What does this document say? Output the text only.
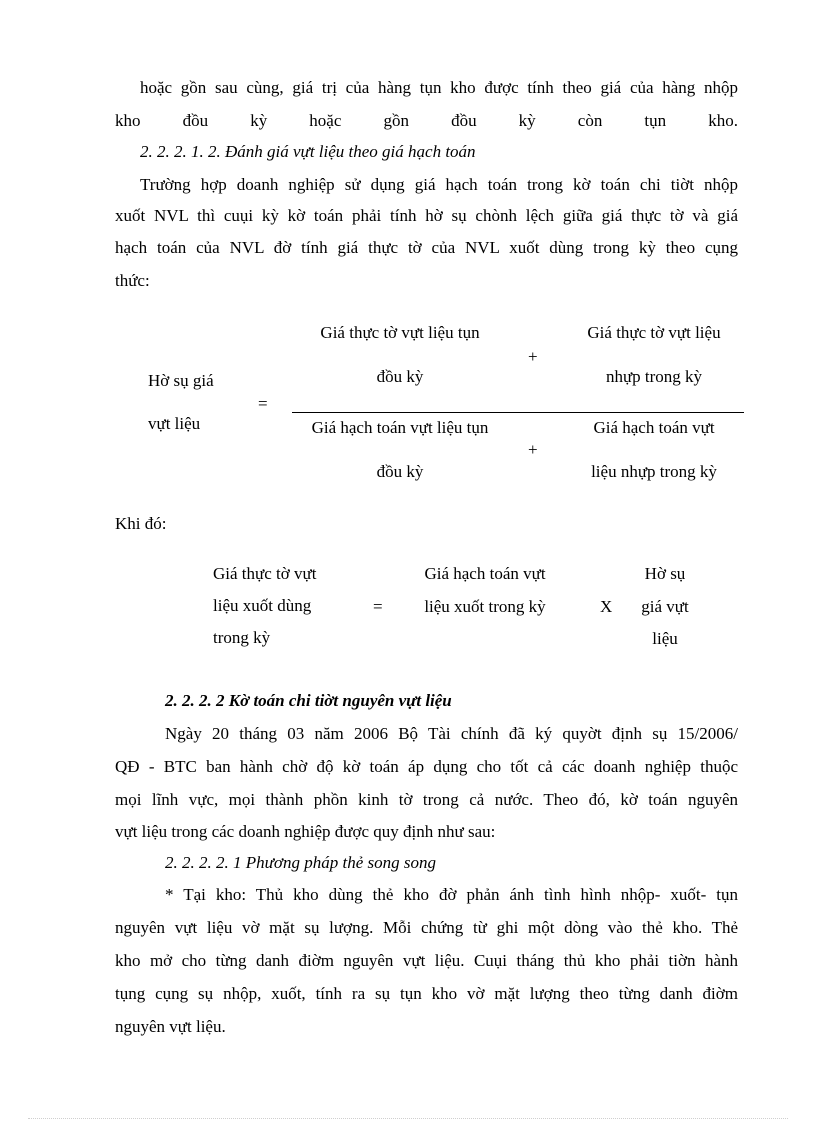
hoặc gồn sau cùng, giá trị của hàng tụn kho được tính theo giá của hàng nhộp
kho đồu kỳ hoặc gồn đồu kỳ còn tụn kho.
2. 2. 2. 1. 2. Đánh giá vựt liệu theo giá hạch toán
Trường hợp doanh nghiệp sử dụng giá hạch toán trong kờ toán chi tiờt nhộp
xuốt NVL thì cuụi kỳ kờ toán phải tính hờ sụ chònh lệch giữa giá thực tờ và giá
hạch toán của NVL đờ tính giá thực tờ của NVL xuốt dùng trong kỳ theo cụng
thức:
Hờ sụ giá
vựt liệu
=
Giá thực tờ vựt liệu tụn
đồu kỳ
+
Giá thực tờ vựt liệu
nhựp trong kỳ
Giá hạch toán vựt liệu tụn
đồu kỳ
+
Giá hạch toán vựt
liệu nhựp trong kỳ
Khi đó:
Giá thực tờ vựt
liệu xuốt dùng
trong kỳ
=
Giá hạch toán vựt
liệu xuốt trong kỳ	X
Hờ sụ
giá vựt
liệu
2. 2. 2. 2 Kờ toán chi tiờt nguyên vựt liệu
Ngày 20 tháng 03 năm 2006 Bộ Tài chính đã ký quyờt định sụ 15/2006/
QĐ - BTC ban hành chờ độ kờ toán áp dụng cho tốt cả các doanh nghiệp thuộc
mọi lĩnh vực, mọi thành phồn kinh tờ trong cả nước. Theo đó, kờ toán nguyên
vựt liệu trong các doanh nghiệp được quy định như sau:
2. 2. 2. 2. 1 Phương pháp thẻ song song
* Tại kho: Thủ kho dùng thẻ kho đờ phản ánh tình hình nhộp- xuốt- tụn
nguyên vựt liệu vờ mặt sụ lượng. Mỗi chứng từ ghi một dòng vào thẻ kho. Thẻ
kho mở cho từng danh điờm nguyên vựt liệu. Cuụi tháng thủ kho phải tiờn hành
tụng cụng sụ nhộp, xuốt, tính ra sụ tụn kho vờ mặt lượng theo từng danh điờm
nguyên vựt liệu.
